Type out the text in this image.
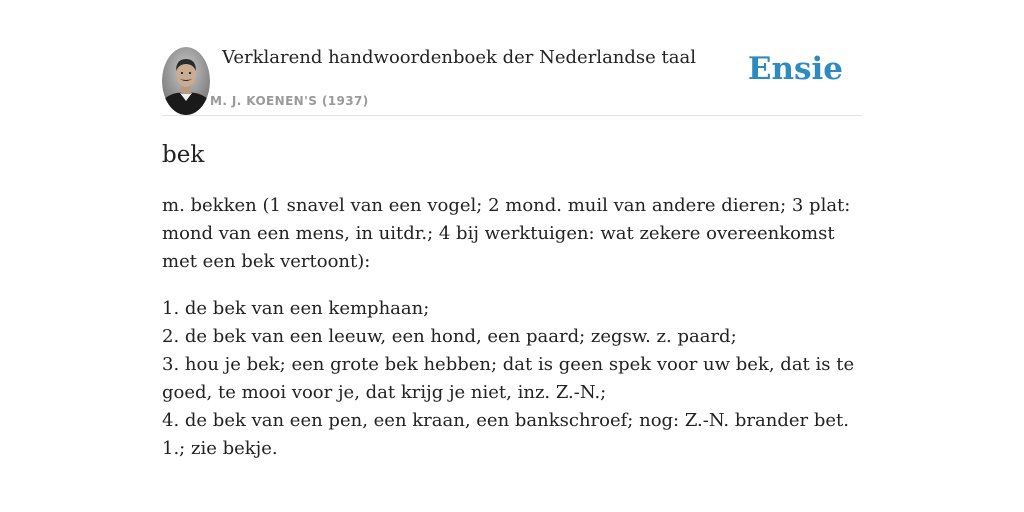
Verklarend handwoordenboek der Nederlandse taal
M. J. KOENEN'S (1937)
Ensie
bek

m. bekken (1 snavel van een vogel; 2 mond. muil van andere dieren; 3 plat: mond van een mens, in uitdr.; 4 bij werktuigen: wat zekere overeenkomst met een bek vertoont):

1. de bek van een kemphaan;
2. de bek van een leeuw, een hond, een paard; zegsw. z. paard;
3. hou je bek; een grote bek hebben; dat is geen spek voor uw bek, dat is te goed, te mooi voor je, dat krijg je niet, inz. Z.-N.;
4. de bek van een pen, een kraan, een bankschroef; nog: Z.-N. brander bet. 1.; zie bekje.
